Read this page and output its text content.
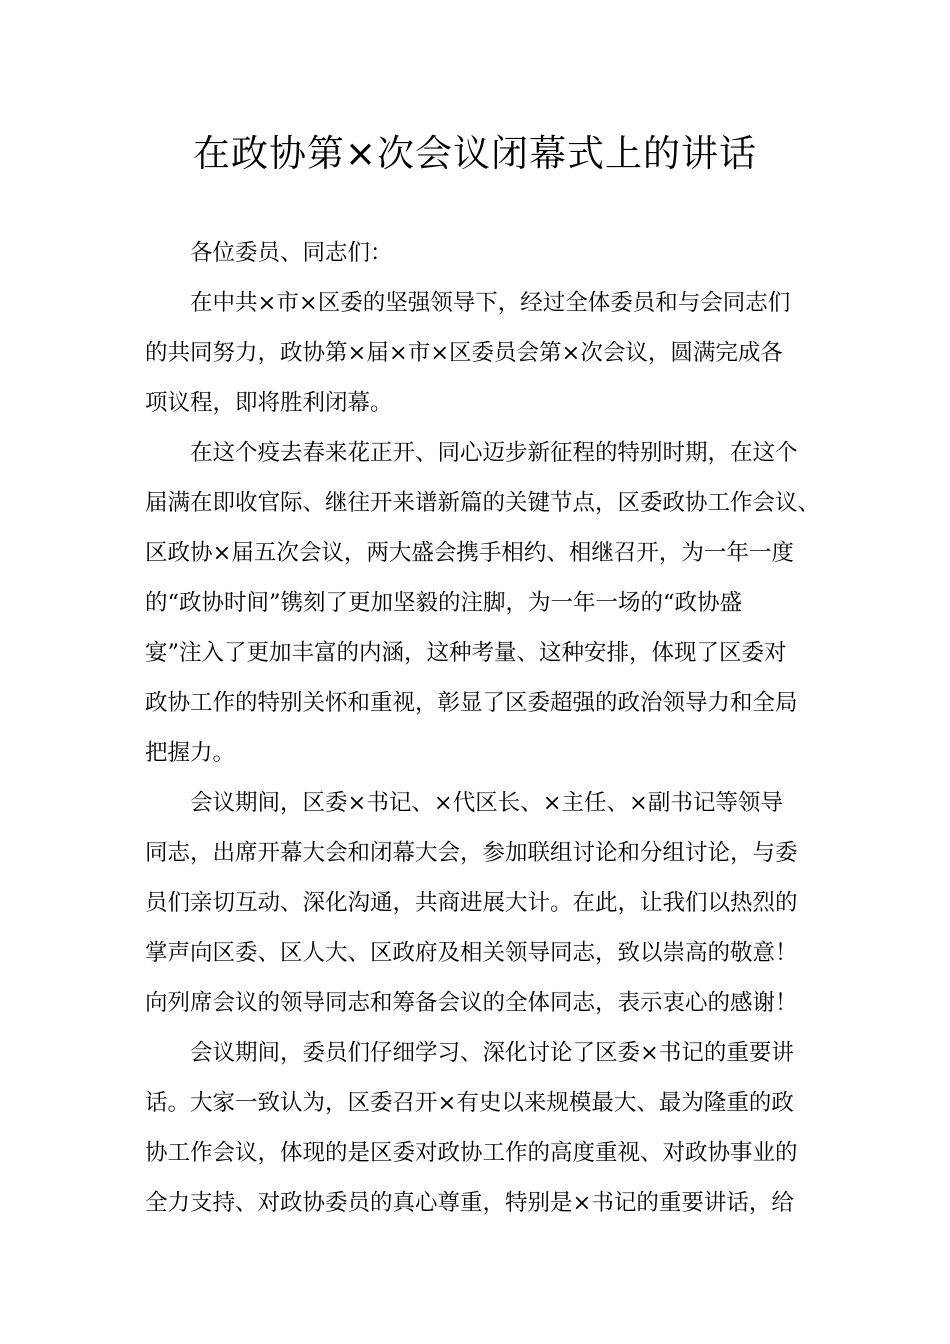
在政协第×次会议闭幕式上的讲话
各位委员、同志们：
在中共×市×区委的坚强领导下，经过全体委员和与会同志们
的共同努力，政协第×届×市×区委员会第×次会议，圆满完成各
项议程，即将胜利闭幕。
在这个疫去春来花正开、同心迈步新征程的特别时期，在这个
届满在即收官际、继往开来谱新篇的关键节点，区委政协工作会议、
区政协×届五次会议，两大盛会携手相约、相继召开，为一年一度
的“政协时间”镌刻了更加坚毅的注脚，为一年一场的“政协盛
宴”注入了更加丰富的内涵，这种考量、这种安排，体现了区委对
政协工作的特别关怀和重视，彰显了区委超强的政治领导力和全局
把握力。
会议期间，区委×书记、×代区长、×主任、×副书记等领导
同志，出席开幕大会和闭幕大会，参加联组讨论和分组讨论，与委
员们亲切互动、深化沟通，共商进展大计。在此，让我们以热烈的
掌声向区委、区人大、区政府及相关领导同志，致以崇高的敬意！
向列席会议的领导同志和筹备会议的全体同志，表示衷心的感谢！
会议期间，委员们仔细学习、深化讨论了区委×书记的重要讲
话。大家一致认为，区委召开×有史以来规模最大、最为隆重的政
协工作会议，体现的是区委对政协工作的高度重视、对政协事业的
全力支持、对政协委员的真心尊重，特别是×书记的重要讲话，给
